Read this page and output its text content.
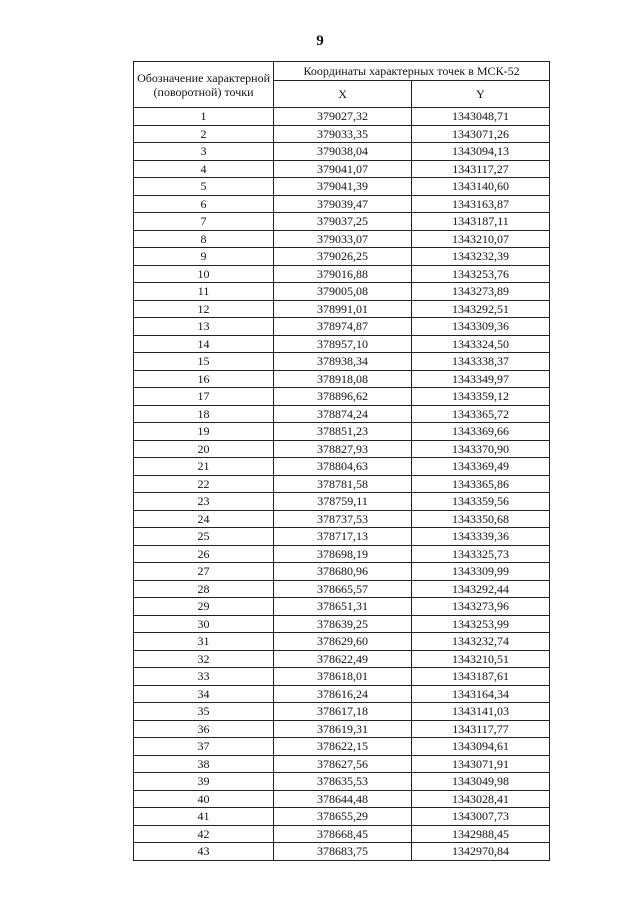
9
Обозначение характерной (поворотной) точки	Координаты характерных точек в МСК-52	
	X	Y
1	379027,32	1343048,71
2	379033,35	1343071,26
3	379038,04	1343094,13
4	379041,07	1343117,27
5	379041,39	1343140,60
6	379039,47	1343163,87
7	379037,25	1343187,11
8	379033,07	1343210,07
9	379026,25	1343232,39
10	379016,88	1343253,76
11	379005,08	1343273,89
12	378991,01	1343292,51
13	378974,87	1343309,36
14	378957,10	1343324,50
15	378938,34	1343338,37
16	378918,08	1343349,97
17	378896,62	1343359,12
18	378874,24	1343365,72
19	378851,23	1343369,66
20	378827,93	1343370,90
21	378804,63	1343369,49
22	378781,58	1343365,86
23	378759,11	1343359,56
24	378737,53	1343350,68
25	378717,13	1343339,36
26	378698,19	1343325,73
27	378680,96	1343309,99
28	378665,57	1343292,44
29	378651,31	1343273,96
30	378639,25	1343253,99
31	378629,60	1343232,74
32	378622,49	1343210,51
33	378618,01	1343187,61
34	378616,24	1343164,34
35	378617,18	1343141,03
36	378619,31	1343117,77
37	378622,15	1343094,61
38	378627,56	1343071,91
39	378635,53	1343049,98
40	378644,48	1343028,41
41	378655,29	1343007,73
42	378668,45	1342988,45
43	378683,75	1342970,84
